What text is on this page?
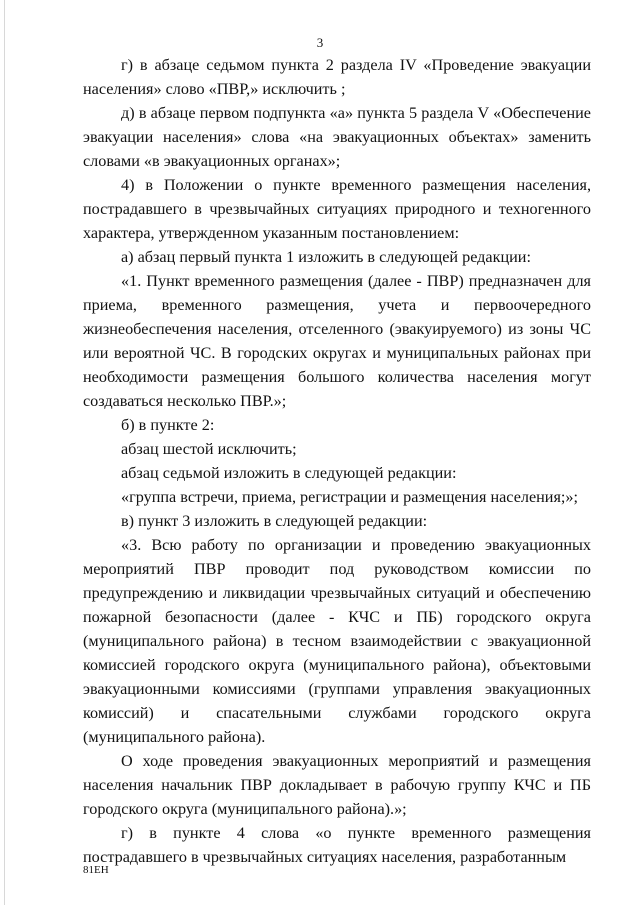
3

г) в абзаце седьмом пункта 2 раздела IV «Проведение эвакуации населения» слово «ПВР,» исключить ;

д) в абзаце первом подпункта «а» пункта 5 раздела V «Обеспечение эвакуации населения» слова «на эвакуационных объектах» заменить словами «в эвакуационных органах»;

4) в Положении о пункте временного размещения населения, пострадавшего в чрезвычайных ситуациях природного и техногенного характера, утвержденном указанным постановлением:

а) абзац первый пункта 1 изложить в следующей редакции:

«1. Пункт временного размещения (далее - ПВР) предназначен для приема, временного размещения, учета и первоочередного жизнеобеспечения населения, отселенного (эвакуируемого) из зоны ЧС или вероятной ЧС. В городских округах и муниципальных районах при необходимости размещения большого количества населения могут создаваться несколько ПВР.»;

б) в пункте 2:

абзац шестой исключить;

абзац седьмой изложить в следующей редакции:

«группа встречи, приема, регистрации и размещения населения;»;

в) пункт 3 изложить в следующей редакции:

«3. Всю работу по организации и проведению эвакуационных мероприятий ПВР проводит под руководством комиссии по предупреждению и ликвидации чрезвычайных ситуаций и обеспечению пожарной безопасности (далее - КЧС и ПБ) городского округа (муниципального района) в тесном взаимодействии с эвакуационной комиссией городского округа (муниципального района), объектовыми эвакуационными комиссиями (группами управления эвакуационных комиссий) и спасательными службами городского округа (муниципального района).

О ходе проведения эвакуационных мероприятий и размещения населения начальник ПВР докладывает в рабочую группу КЧС и ПБ городского округа (муниципального района).»;

г) в пункте 4 слова «о пункте временного размещения пострадавшего в чрезвычайных ситуациях населения, разработанным

81ЕН
